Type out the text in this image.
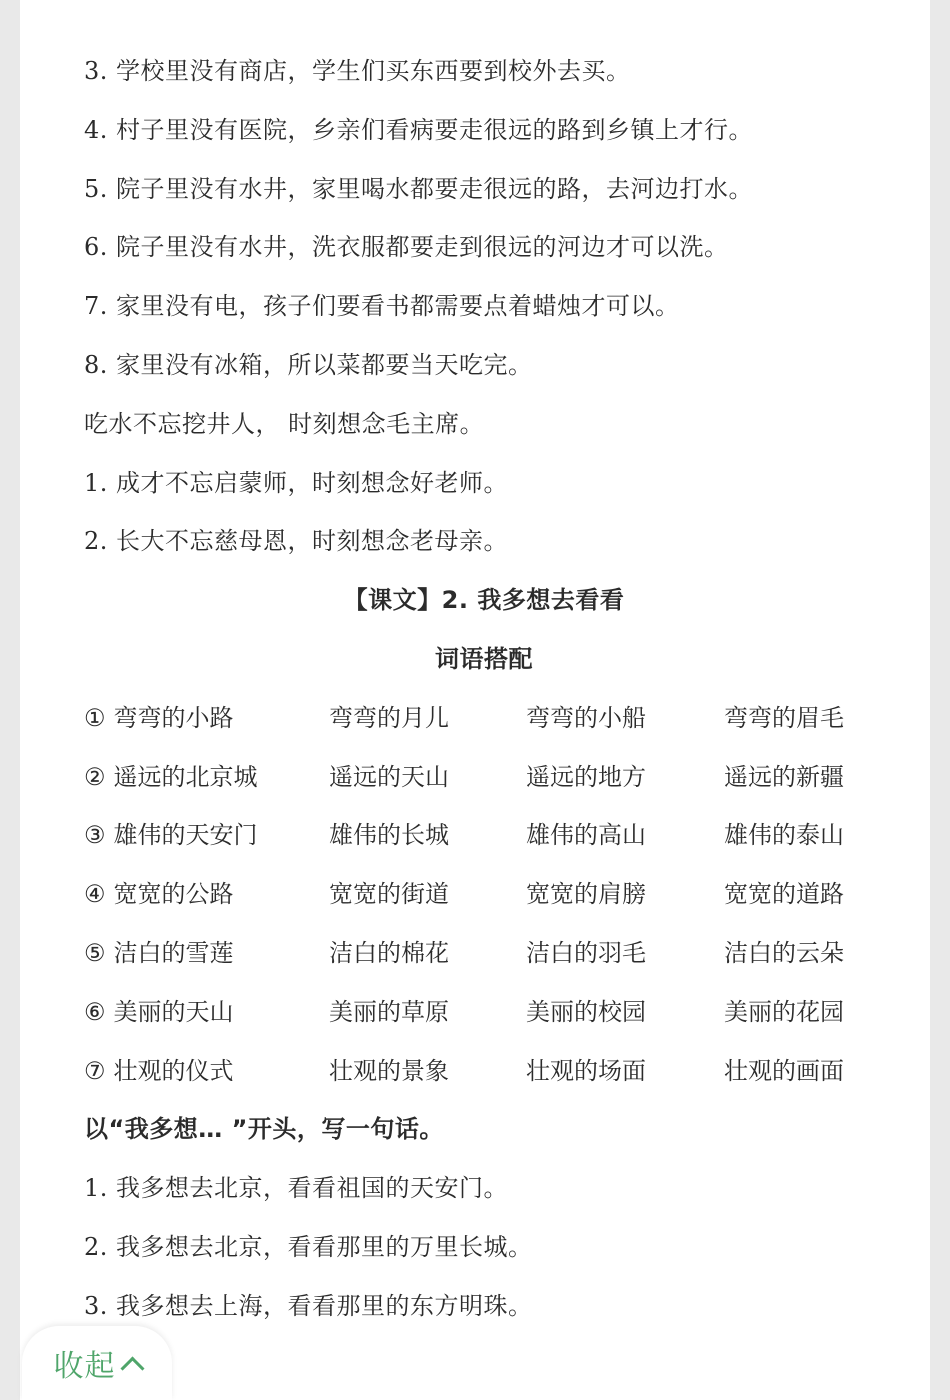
3. 学校里没有商店，学生们买东西要到校外去买。
4. 村子里没有医院，乡亲们看病要走很远的路到乡镇上才行。
5. 院子里没有水井，家里喝水都要走很远的路，去河边打水。
6. 院子里没有水井，洗衣服都要走到很远的河边才可以洗。
7. 家里没有电，孩子们要看书都需要点着蜡烛才可以。
8. 家里没有冰箱，所以菜都要当天吃完。
吃水不忘挖井人， 时刻想念毛主席。
1. 成才不忘启蒙师，时刻想念好老师。
2. 长大不忘慈母恩，时刻想念老母亲。
【课文】2. 我多想去看看
词语搭配
① 弯弯的小路	弯弯的月儿	弯弯的小船	弯弯的眉毛
② 遥远的北京城	遥远的天山	遥远的地方	遥远的新疆
③ 雄伟的天安门	雄伟的长城	雄伟的高山	雄伟的泰山
④ 宽宽的公路	宽宽的街道	宽宽的肩膀	宽宽的道路
⑤ 洁白的雪莲	洁白的棉花	洁白的羽毛	洁白的云朵
⑥ 美丽的天山	美丽的草原	美丽的校园	美丽的花园
⑦ 壮观的仪式	壮观的景象	壮观的场面	壮观的画面
以“我多想… ”开头，写一句话。
1. 我多想去北京，看看祖国的天安门。
2. 我多想去北京，看看那里的万里长城。
3. 我多想去上海，看看那里的东方明珠。
收起
